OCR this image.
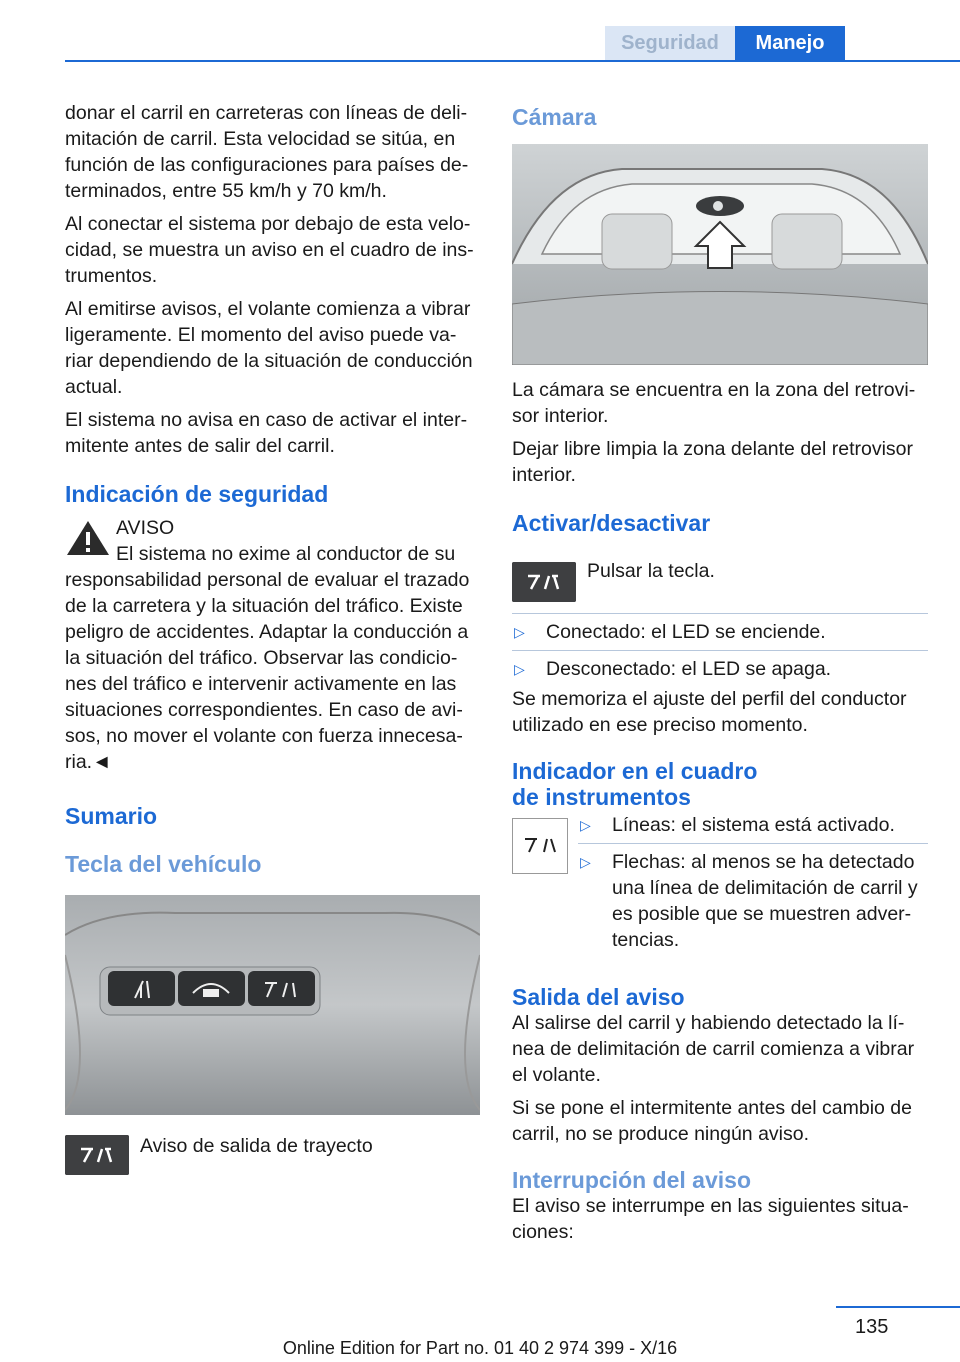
Seguridad	Manejo

donar el carril en carreteras con líneas de delimitación de carril. Esta velocidad se sitúa, en función de las configuraciones para países determinados, entre 55 km/h y 70 km/h.

Al conectar el sistema por debajo de esta velocidad, se muestra un aviso en el cuadro de instrumentos.

Al emitirse avisos, el volante comienza a vibrar ligeramente. El momento del aviso puede variar dependiendo de la situación de conducción actual.

El sistema no avisa en caso de activar el intermitente antes de salir del carril.

Indicación de seguridad
AVISO
El sistema no exime al conductor de su

responsabilidad personal de evaluar el trazado de la carretera y la situación del tráfico. Existe peligro de accidentes. Adaptar la conducción a la situación del tráfico. Observar las condiciones del tráfico e intervenir activamente en las situaciones correspondientes. En caso de avisos, no mover el volante con fuerza innecesaria.◄

Sumario
Tecla del vehículo
Aviso de salida de trayecto
Cámara

La cámara se encuentra en la zona del retrovisor interior.

Dejar libre limpia la zona delante del retrovisor interior.

Activar/desactivar
Pulsar la tecla.
▷ Conectado: el LED se enciende.
▷ Desconectado: el LED se apaga.

Se memoriza el ajuste del perfil del conductor utilizado en ese preciso momento.

Indicador en el cuadro
de instrumentos
▷ Líneas: el sistema está activado.
▷ Flechas: al menos se ha detectado una línea de delimitación de carril y es posible que se muestren advertencias.
Salida del aviso

Al salirse del carril y habiendo detectado la línea de delimitación de carril comienza a vibrar el volante.

Si se pone el intermitente antes del cambio de carril, no se produce ningún aviso.

Interrupción del aviso

El aviso se interrumpe en las siguientes situaciones:

135
Online Edition for Part no. 01 40 2 974 399 - X/16
